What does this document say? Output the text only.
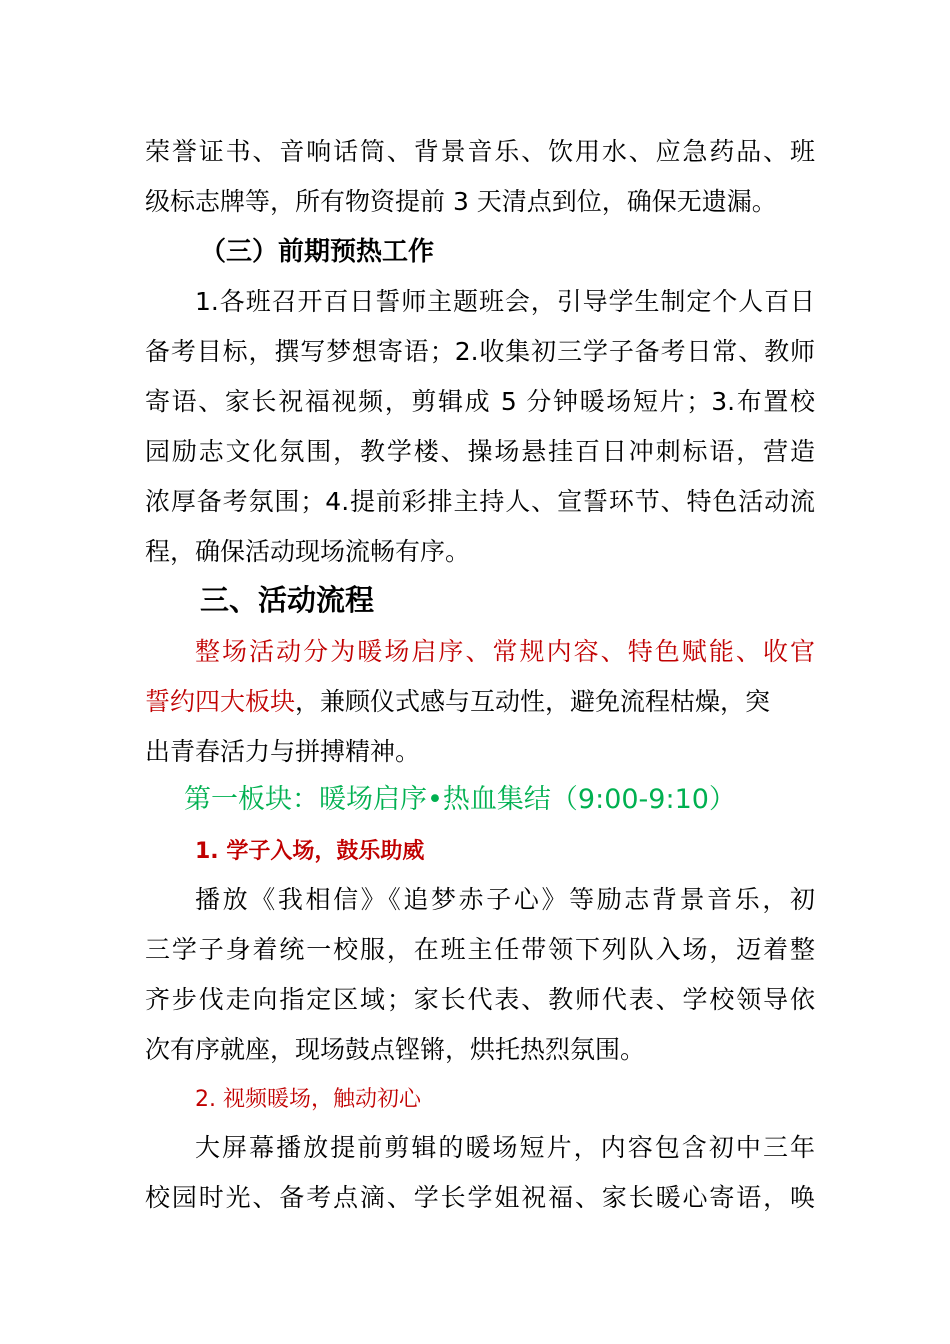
荣誉证书、音响话筒、背景音乐、饮用水、应急药品、班

级标志牌等，所有物资提前 3 天清点到位，确保无遗漏。

（三）前期预热工作

1.各班召开百日誓师主题班会，引导学生制定个人百日

备考目标，撰写梦想寄语；2.收集初三学子备考日常、教师

寄语、家长祝福视频，剪辑成 5 分钟暖场短片；3.布置校

园励志文化氛围，教学楼、操场悬挂百日冲刺标语，营造

浓厚备考氛围；4.提前彩排主持人、宣誓环节、特色活动流

程，确保活动现场流畅有序。

三、活动流程

整场活动分为暖场启序、常规内容、特色赋能、收官

誓约四大板块，兼顾仪式感与互动性，避免流程枯燥，突

出青春活力与拼搏精神。

第一板块：暖场启序•热血集结（9:00-9:10）

1. 学子入场，鼓乐助威

播放《我相信》《追梦赤子心》等励志背景音乐，初

三学子身着统一校服，在班主任带领下列队入场，迈着整

齐步伐走向指定区域；家长代表、教师代表、学校领导依

次有序就座，现场鼓点铿锵，烘托热烈氛围。

2. 视频暖场，触动初心

大屏幕播放提前剪辑的暖场短片，内容包含初中三年

校园时光、备考点滴、学长学姐祝福、家长暖心寄语，唤
